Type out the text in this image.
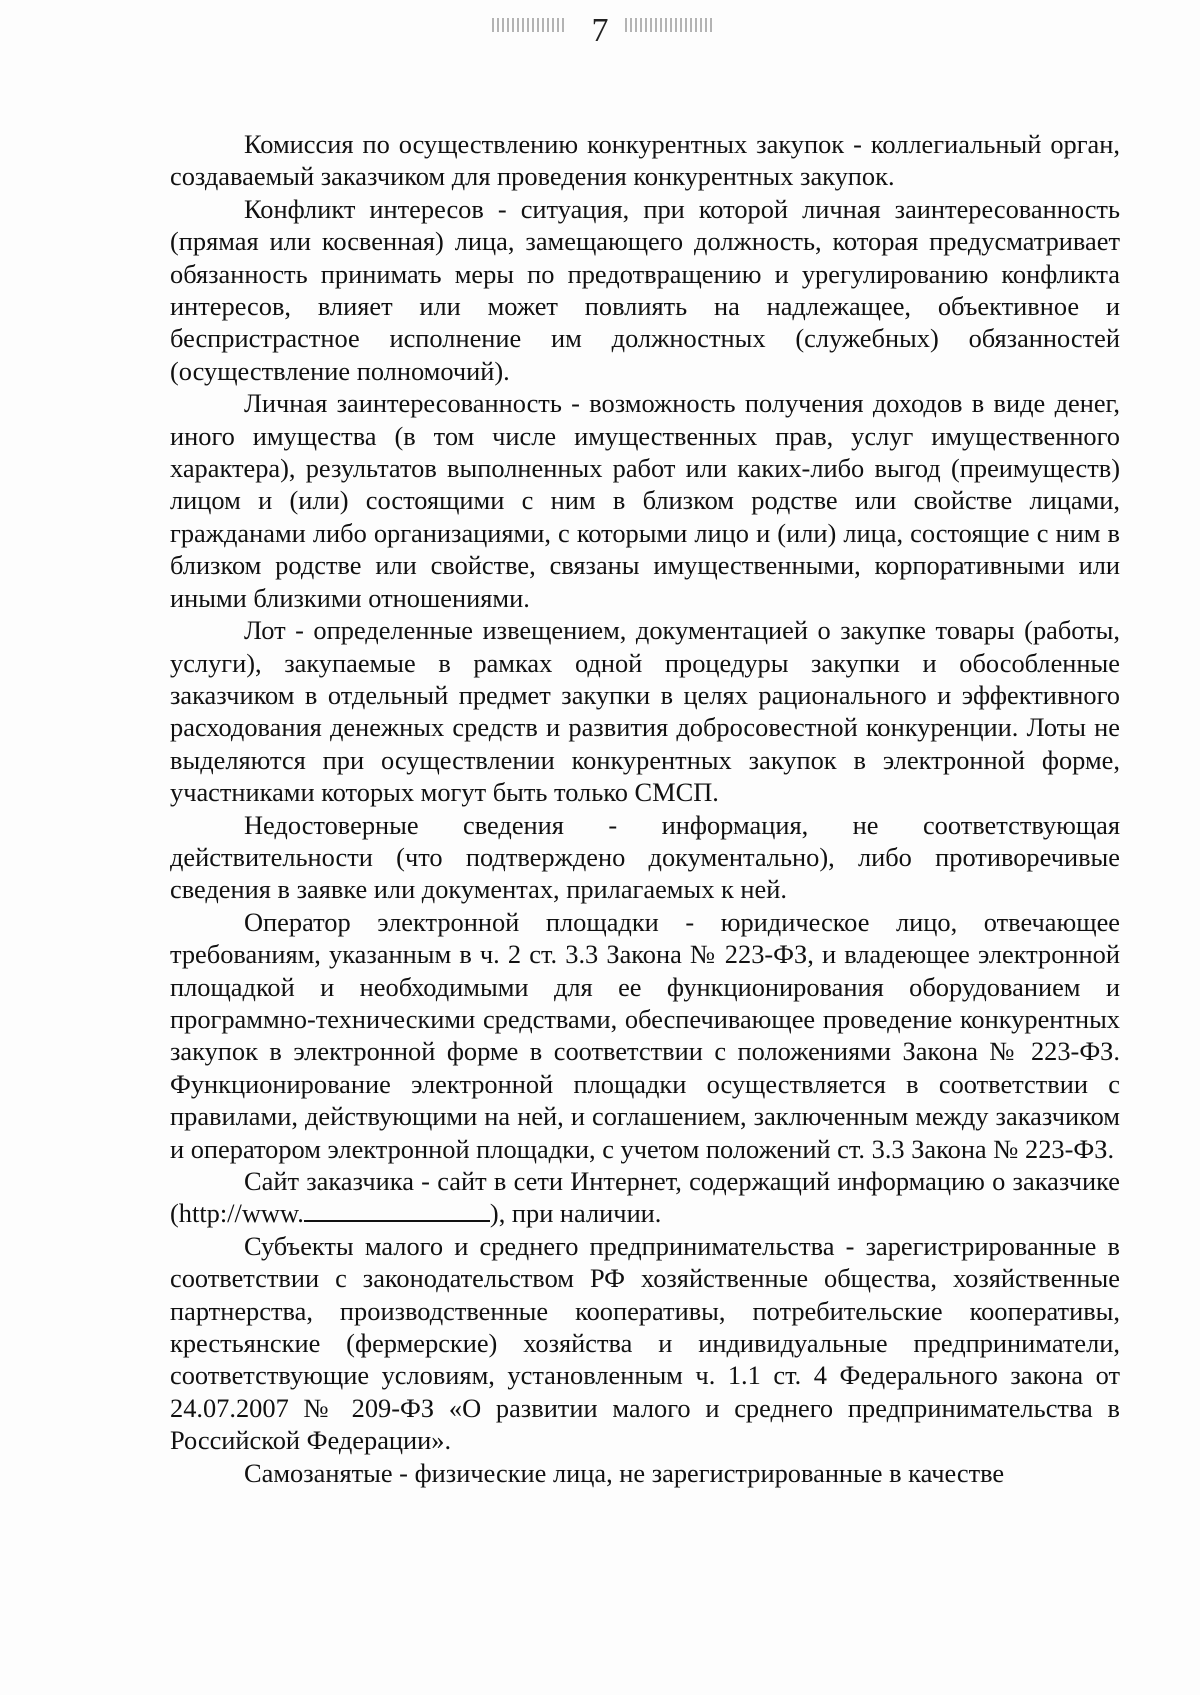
7

Комиссия по осуществлению конкурентных закупок - коллегиальный орган, создаваемый заказчиком для проведения конкурентных закупок.

Конфликт интересов - ситуация, при которой личная заинтересованность (прямая или косвенная) лица, замещающего должность, которая предусматривает обязанность принимать меры по предотвращению и урегулированию конфликта интересов, влияет или может повлиять на надлежащее, объективное и беспристрастное исполнение им должностных (служебных) обязанностей (осуществление полномочий).

Личная заинтересованность - возможность получения доходов в виде денег, иного имущества (в том числе имущественных прав, услуг имущественного характера), результатов выполненных работ или каких-либо выгод (преимуществ) лицом и (или) состоящими с ним в близком родстве или свойстве лицами, гражданами либо организациями, с которыми лицо и (или) лица, состоящие с ним в близком родстве или свойстве, связаны имущественными, корпоративными или иными близкими отношениями.

Лот - определенные извещением, документацией о закупке товары (работы, услуги), закупаемые в рамках одной процедуры закупки и обособленные заказчиком в отдельный предмет закупки в целях рационального и эффективного расходования денежных средств и развития добросовестной конкуренции. Лоты не выделяются при осуществлении конкурентных закупок в электронной форме, участниками которых могут быть только СМСП.

Недостоверные сведения - информация, не соответствующая действительности (что подтверждено документально), либо противоречивые сведения в заявке или документах, прилагаемых к ней.

Оператор электронной площадки - юридическое лицо, отвечающее требованиям, указанным в ч. 2 ст. 3.3 Закона № 223-ФЗ, и владеющее электронной площадкой и необходимыми для ее функционирования оборудованием и программно-техническими средствами, обеспечивающее проведение конкурентных закупок в электронной форме в соответствии с положениями Закона № 223-ФЗ. Функционирование электронной площадки осуществляется в соответствии с правилами, действующими на ней, и соглашением, заключенным между заказчиком и оператором электронной площадки, с учетом положений ст. 3.3 Закона № 223-ФЗ.

Сайт заказчика - сайт в сети Интернет, содержащий информацию о заказчике (http://www.	), при наличии.

Субъекты малого и среднего предпринимательства - зарегистрированные в соответствии с законодательством РФ хозяйственные общества, хозяйственные партнерства, производственные кооперативы, потребительские кооперативы, крестьянские (фермерские) хозяйства и индивидуальные предприниматели, соответствующие условиям, установленным ч. 1.1 ст. 4 Федерального закона от 24.07.2007 № 209-ФЗ «О развитии малого и среднего предпринимательства в Российской Федерации».

Самозанятые - физические лица, не зарегистрированные в качестве
